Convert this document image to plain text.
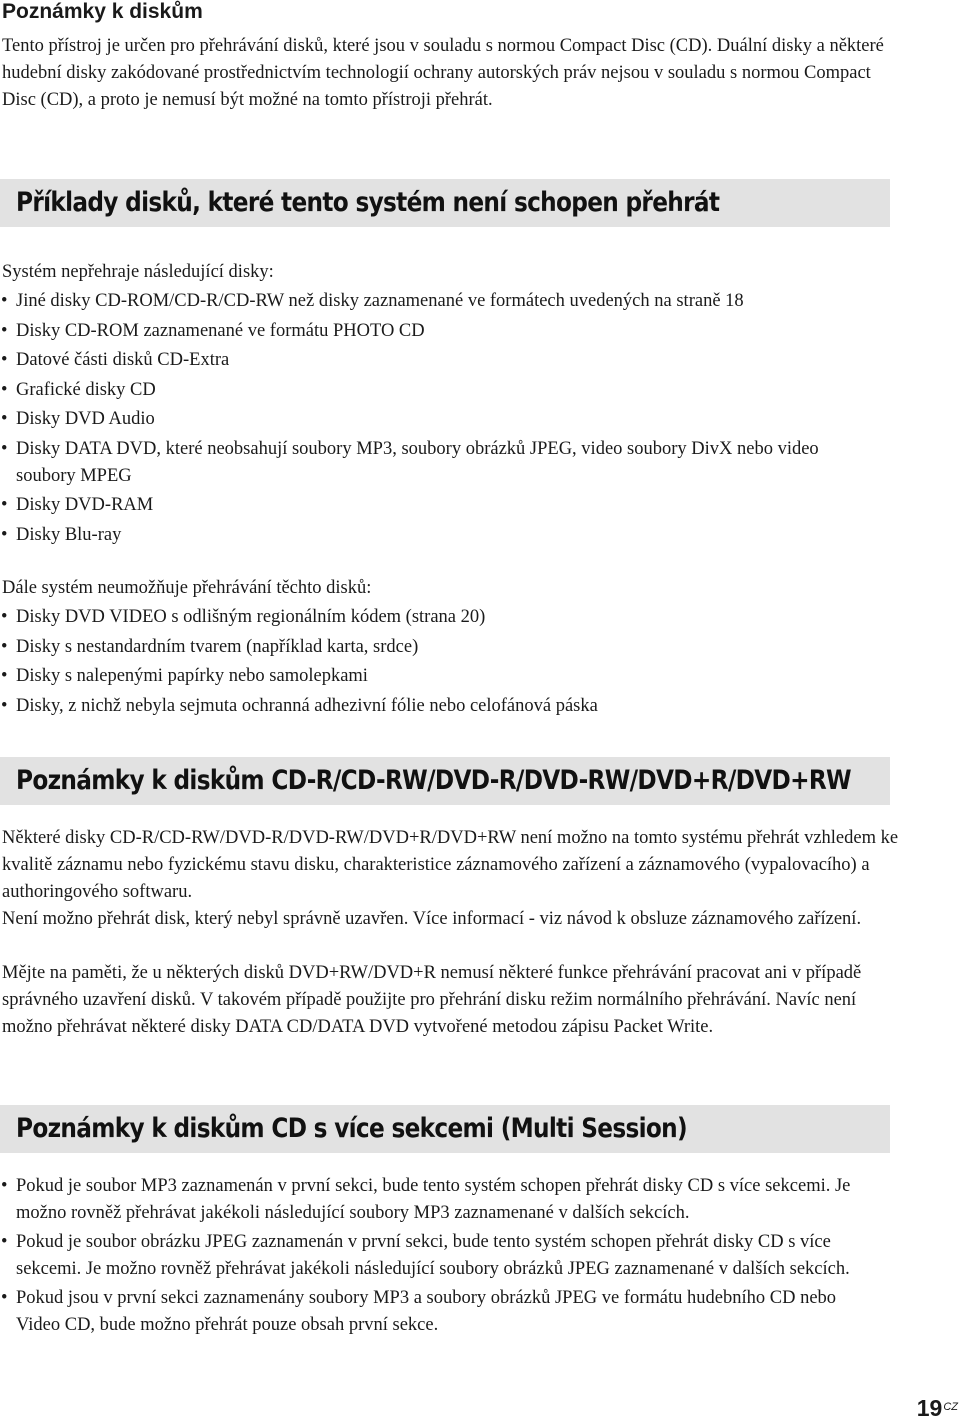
Poznámky k diskům

Tento přístroj je určen pro přehrávání disků, které jsou v souladu s normou Compact Disc (CD). Duální disky a některé hudební disky zakódované prostřednictvím technologií ochrany autorských práv nejsou v souladu s normou Compact Disc (CD), a proto je nemusí být možné na tomto přístroji přehrát.

Příklady disků, které tento systém není schopen přehrát

Systém nepřehraje následující disky:

• Jiné disky CD-ROM/CD-R/CD-RW než disky zaznamenané ve formátech uvedených na straně 18
• Disky CD-ROM zaznamenané ve formátu PHOTO CD
• Datové části disků CD-Extra
• Grafické disky CD
• Disky DVD Audio
• Disky DATA DVD, které neobsahují soubory MP3, soubory obrázků JPEG, video soubory DivX nebo video soubory MPEG
• Disky DVD-RAM
• Disky Blu-ray

Dále systém neumožňuje přehrávání těchto disků:

• Disky DVD VIDEO s odlišným regionálním kódem (strana 20)
• Disky s nestandardním tvarem (například karta, srdce)
• Disky s nalepenými papírky nebo samolepkami
• Disky, z nichž nebyla sejmuta ochranná adhezivní fólie nebo celofánová páska
Poznámky k diskům CD-R/CD-RW/DVD-R/DVD-RW/DVD+R/DVD+RW

Některé disky CD-R/CD-RW/DVD-R/DVD-RW/DVD+R/DVD+RW není možno na tomto systému přehrát vzhledem ke kvalitě záznamu nebo fyzickému stavu disku, charakteristice záznamového zařízení a záznamového (vypalovacího) a authoringového softwaru.

Není možno přehrát disk, který nebyl správně uzavřen. Více informací - viz návod k obsluze záznamového zařízení.

Mějte na paměti, že u některých disků DVD+RW/DVD+R nemusí některé funkce přehrávání pracovat ani v případě správného uzavření disků. V takovém případě použijte pro přehrání disku režim normálního přehrávání. Navíc není možno přehrávat některé disky DATA CD/DATA DVD vytvořené metodou zápisu Packet Write.

Poznámky k diskům CD s více sekcemi (Multi Session)
• Pokud je soubor MP3 zaznamenán v první sekci, bude tento systém schopen přehrát disky CD s více sekcemi. Je možno rovněž přehrávat jakékoli následující soubory MP3 zaznamenané v dalších sekcích.
• Pokud je soubor obrázku JPEG zaznamenán v první sekci, bude tento systém schopen přehrát disky CD s více sekcemi. Je možno rovněž přehrávat jakékoli následující soubory obrázků JPEG zaznamenané v dalších sekcích.
• Pokud jsou v první sekci zaznamenány soubory MP3 a soubory obrázků JPEG ve formátu hudebního CD nebo Video CD, bude možno přehrát pouze obsah první sekce.
$19^{CZ}$
